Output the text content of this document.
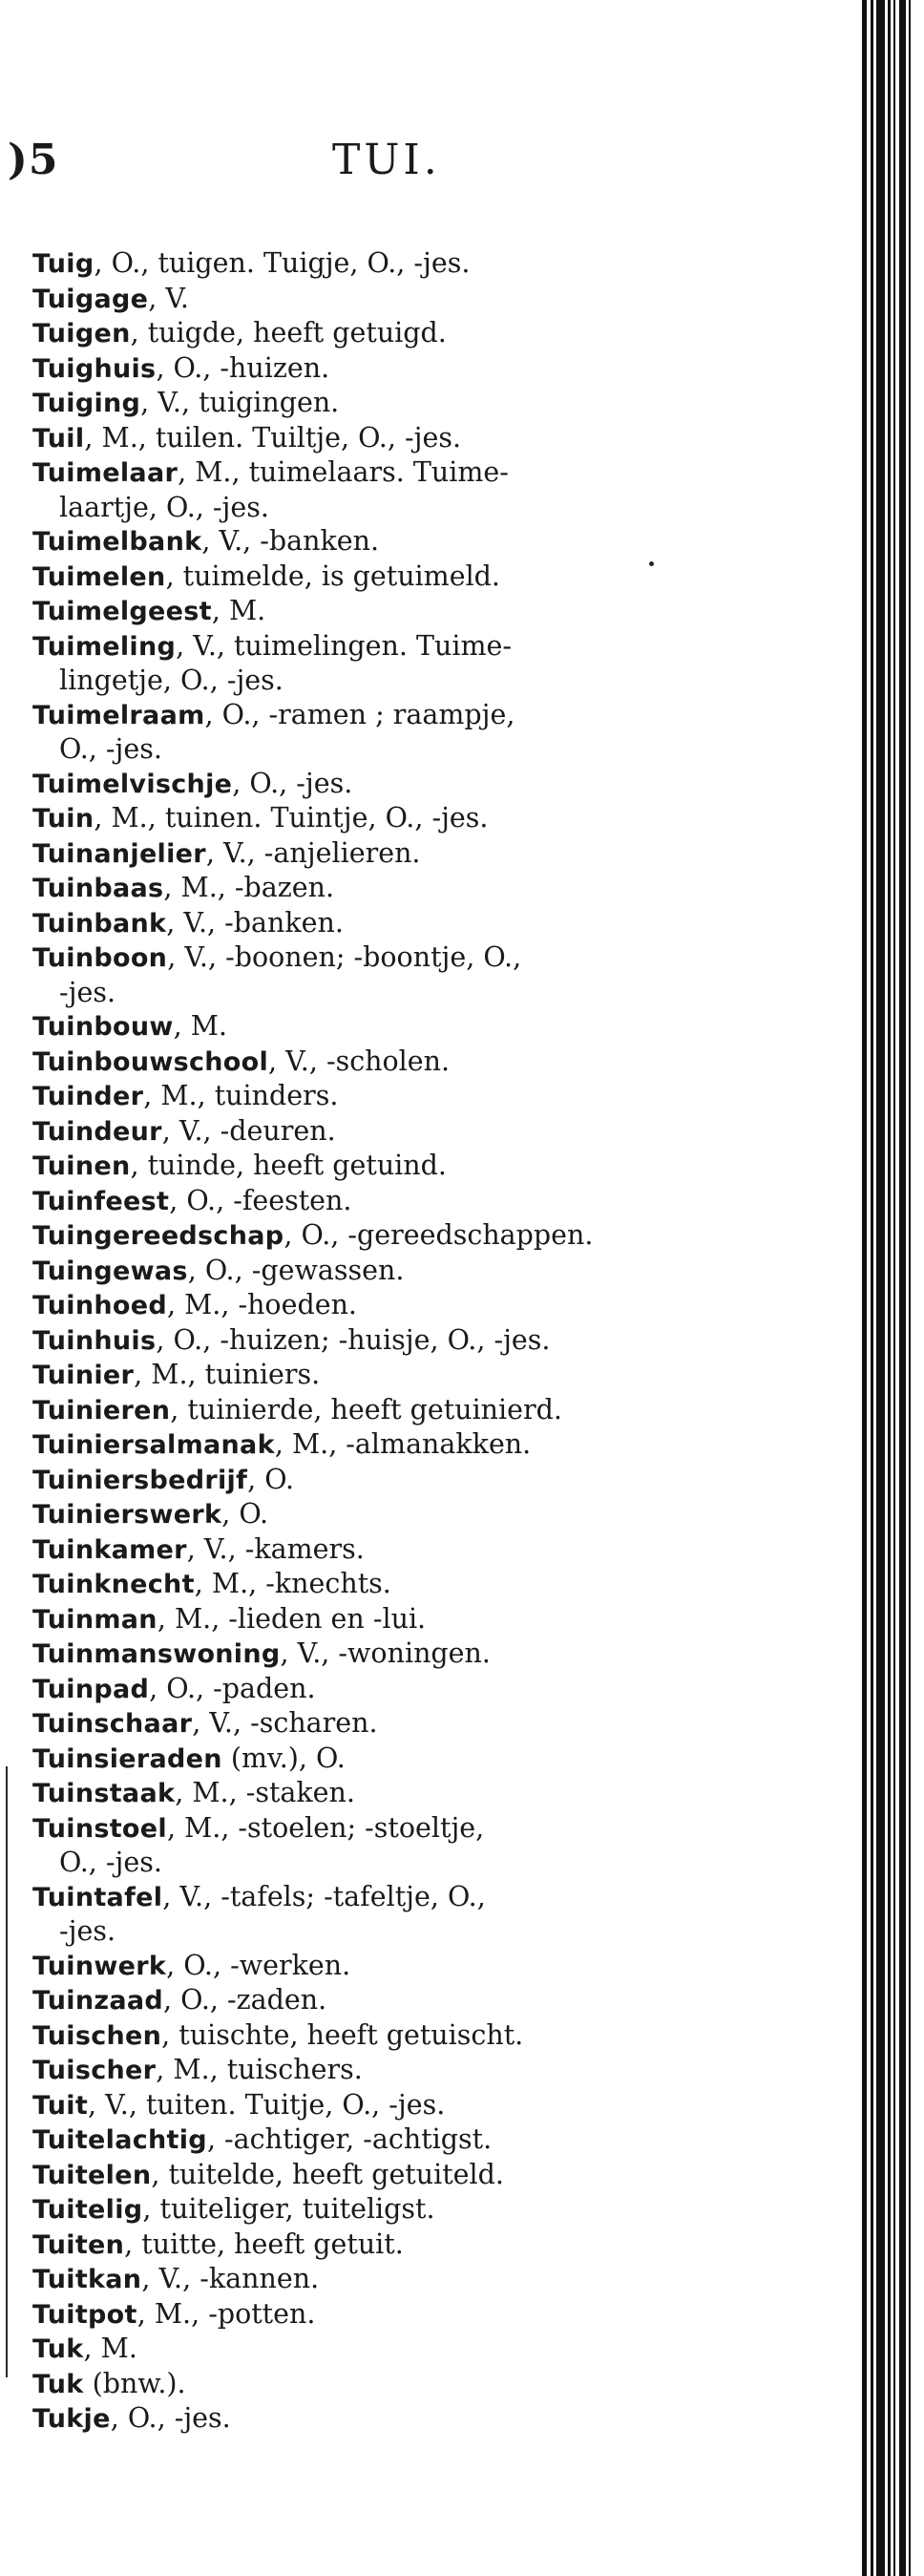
)5	TUI.
Tuig, O., tuigen. Tuigje, O., -jes.
Tuigage, V.
Tuigen, tuigde, heeft getuigd.
Tuighuis, O., -huizen.
Tuiging, V., tuigingen.
Tuil, M., tuilen. Tuiltje, O., -jes.
Tuimelaar, M., tuimelaars. Tuime-
laartje, O., -jes.
Tuimelbank, V., -banken.
Tuimelen, tuimelde, is getuimeld.
Tuimelgeest, M.
Tuimeling, V., tuimelingen. Tuime-
lingetje, O., -jes.
Tuimelraam, O., -ramen ; raampje,
O., -jes.
Tuimelvischje, O., -jes.
Tuin, M., tuinen. Tuintje, O., -jes.
Tuinanjelier, V., -anjelieren.
Tuinbaas, M., -bazen.
Tuinbank, V., -banken.
Tuinboon, V., -boonen; -boontje, O.,
-jes.
Tuinbouw, M.
Tuinbouwschool, V., -scholen.
Tuinder, M., tuinders.
Tuindeur, V., -deuren.
Tuinen, tuinde, heeft getuind.
Tuinfeest, O., -feesten.
Tuingereedschap, O., -gereedschappen.
Tuingewas, O., -gewassen.
Tuinhoed, M., -hoeden.
Tuinhuis, O., -huizen; -huisje, O., -jes.
Tuinier, M., tuiniers.
Tuinieren, tuinierde, heeft getuinierd.
Tuiniersalmanak, M., -almanakken.
Tuiniersbedrijf, O.
Tuinierswerk, O.
Tuinkamer, V., -kamers.
Tuinknecht, M., -knechts.
Tuinman, M., -lieden en -lui.
Tuinmanswoning, V., -woningen.
Tuinpad, O., -paden.
Tuinschaar, V., -scharen.
Tuinsieraden (mv.), O.
Tuinstaak, M., -staken.
Tuinstoel, M., -stoelen; -stoeltje,
O., -jes.
Tuintafel, V., -tafels; -tafeltje, O.,
-jes.
Tuinwerk, O., -werken.
Tuinzaad, O., -zaden.
Tuischen, tuischte, heeft getuischt.
Tuischer, M., tuischers.
Tuit, V., tuiten. Tuitje, O., -jes.
Tuitelachtig, -achtiger, -achtigst.
Tuitelen, tuitelde, heeft getuiteld.
Tuitelig, tuiteliger, tuiteligst.
Tuiten, tuitte, heeft getuit.
Tuitkan, V., -kannen.
Tuitpot, M., -potten.
Tuk, M.
Tuk (bnw.).
Tukje, O., -jes.
